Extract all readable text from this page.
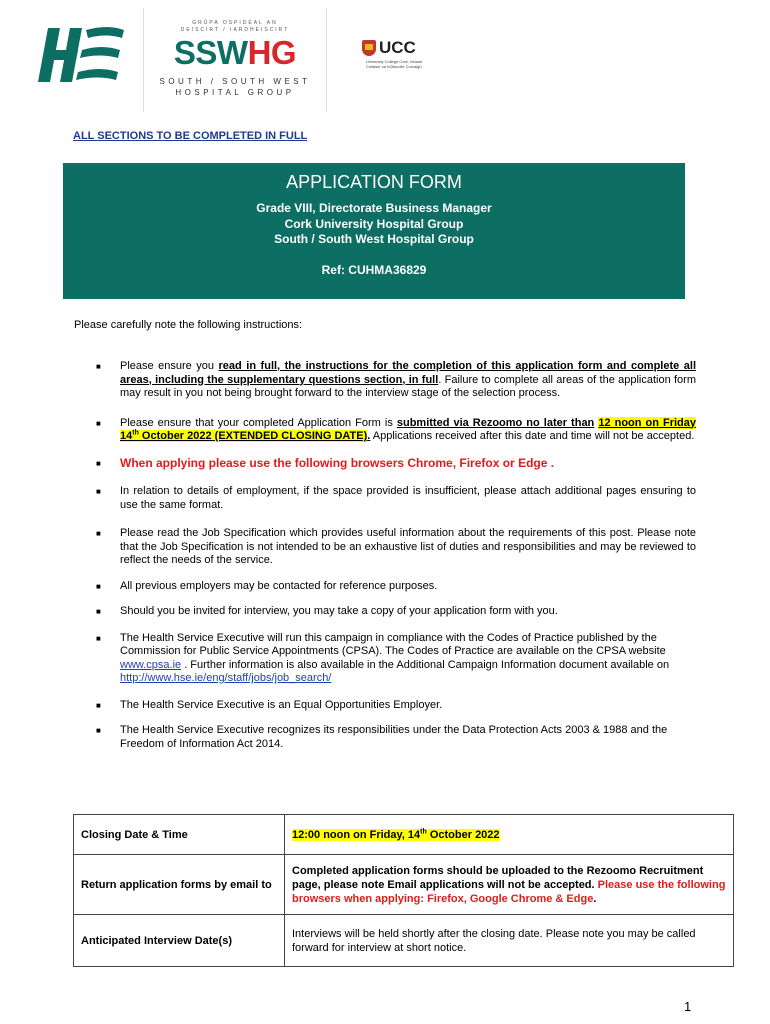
GRÚPA OSPIDÉAL AN
DEISCIRT / IARDHEISCIRT
SSWHG
SOUTH / SOUTH WEST
HOSPITAL GROUP
UCC
University College Cork, Ireland
Coláiste na hOllscoile Corcaigh
ALL SECTIONS TO BE COMPLETED IN FULL
APPLICATION FORM
Grade VIII, Directorate Business Manager
Cork University Hospital Group
South / South West Hospital Group
Ref: CUHMA36829
Please carefully note the following instructions:
■ Please ensure you read in full, the instructions for the completion of this application form and complete all areas, including the supplementary questions section, in full. Failure to complete all areas of the application form may result in you not being brought forward to the interview stage of the selection process.
■ Please ensure that your completed Application Form is submitted via Rezoomo no later than 12 noon on Friday 14th October 2022 (EXTENDED CLOSING DATE). Applications received after this date and time will not be accepted.
■ When applying please use the following browsers Chrome, Firefox or Edge .
■ In relation to details of employment, if the space provided is insufficient, please attach additional pages ensuring to use the same format.
■ Please read the Job Specification which provides useful information about the requirements of this post. Please note that the Job Specification is not intended to be an exhaustive list of duties and responsibilities and may be reviewed to reflect the needs of the service.
■ All previous employers may be contacted for reference purposes.
■ Should you be invited for interview, you may take a copy of your application form with you.
■ The Health Service Executive will run this campaign in compliance with the Codes of Practice published by the Commission for Public Service Appointments (CPSA). The Codes of Practice are available on the CPSA website www.cpsa.ie . Further information is also available in the Additional Campaign Information document available on http://www.hse.ie/eng/staff/jobs/job_search/
■ The Health Service Executive is an Equal Opportunities Employer.
■ The Health Service Executive recognizes its responsibilities under the Data Protection Acts 2003 & 1988 and the Freedom of Information Act 2014.
Closing Date & Time	12:00 noon on Friday, 14th October 2022
Return application forms by email to	Completed application forms should be uploaded to the Rezoomo Recruitment page, please note Email applications will not be accepted. Please use the following browsers when applying: Firefox, Google Chrome & Edge.
Anticipated Interview Date(s)	Interviews will be held shortly after the closing date. Please note you may be called forward for interview at short notice.
1
